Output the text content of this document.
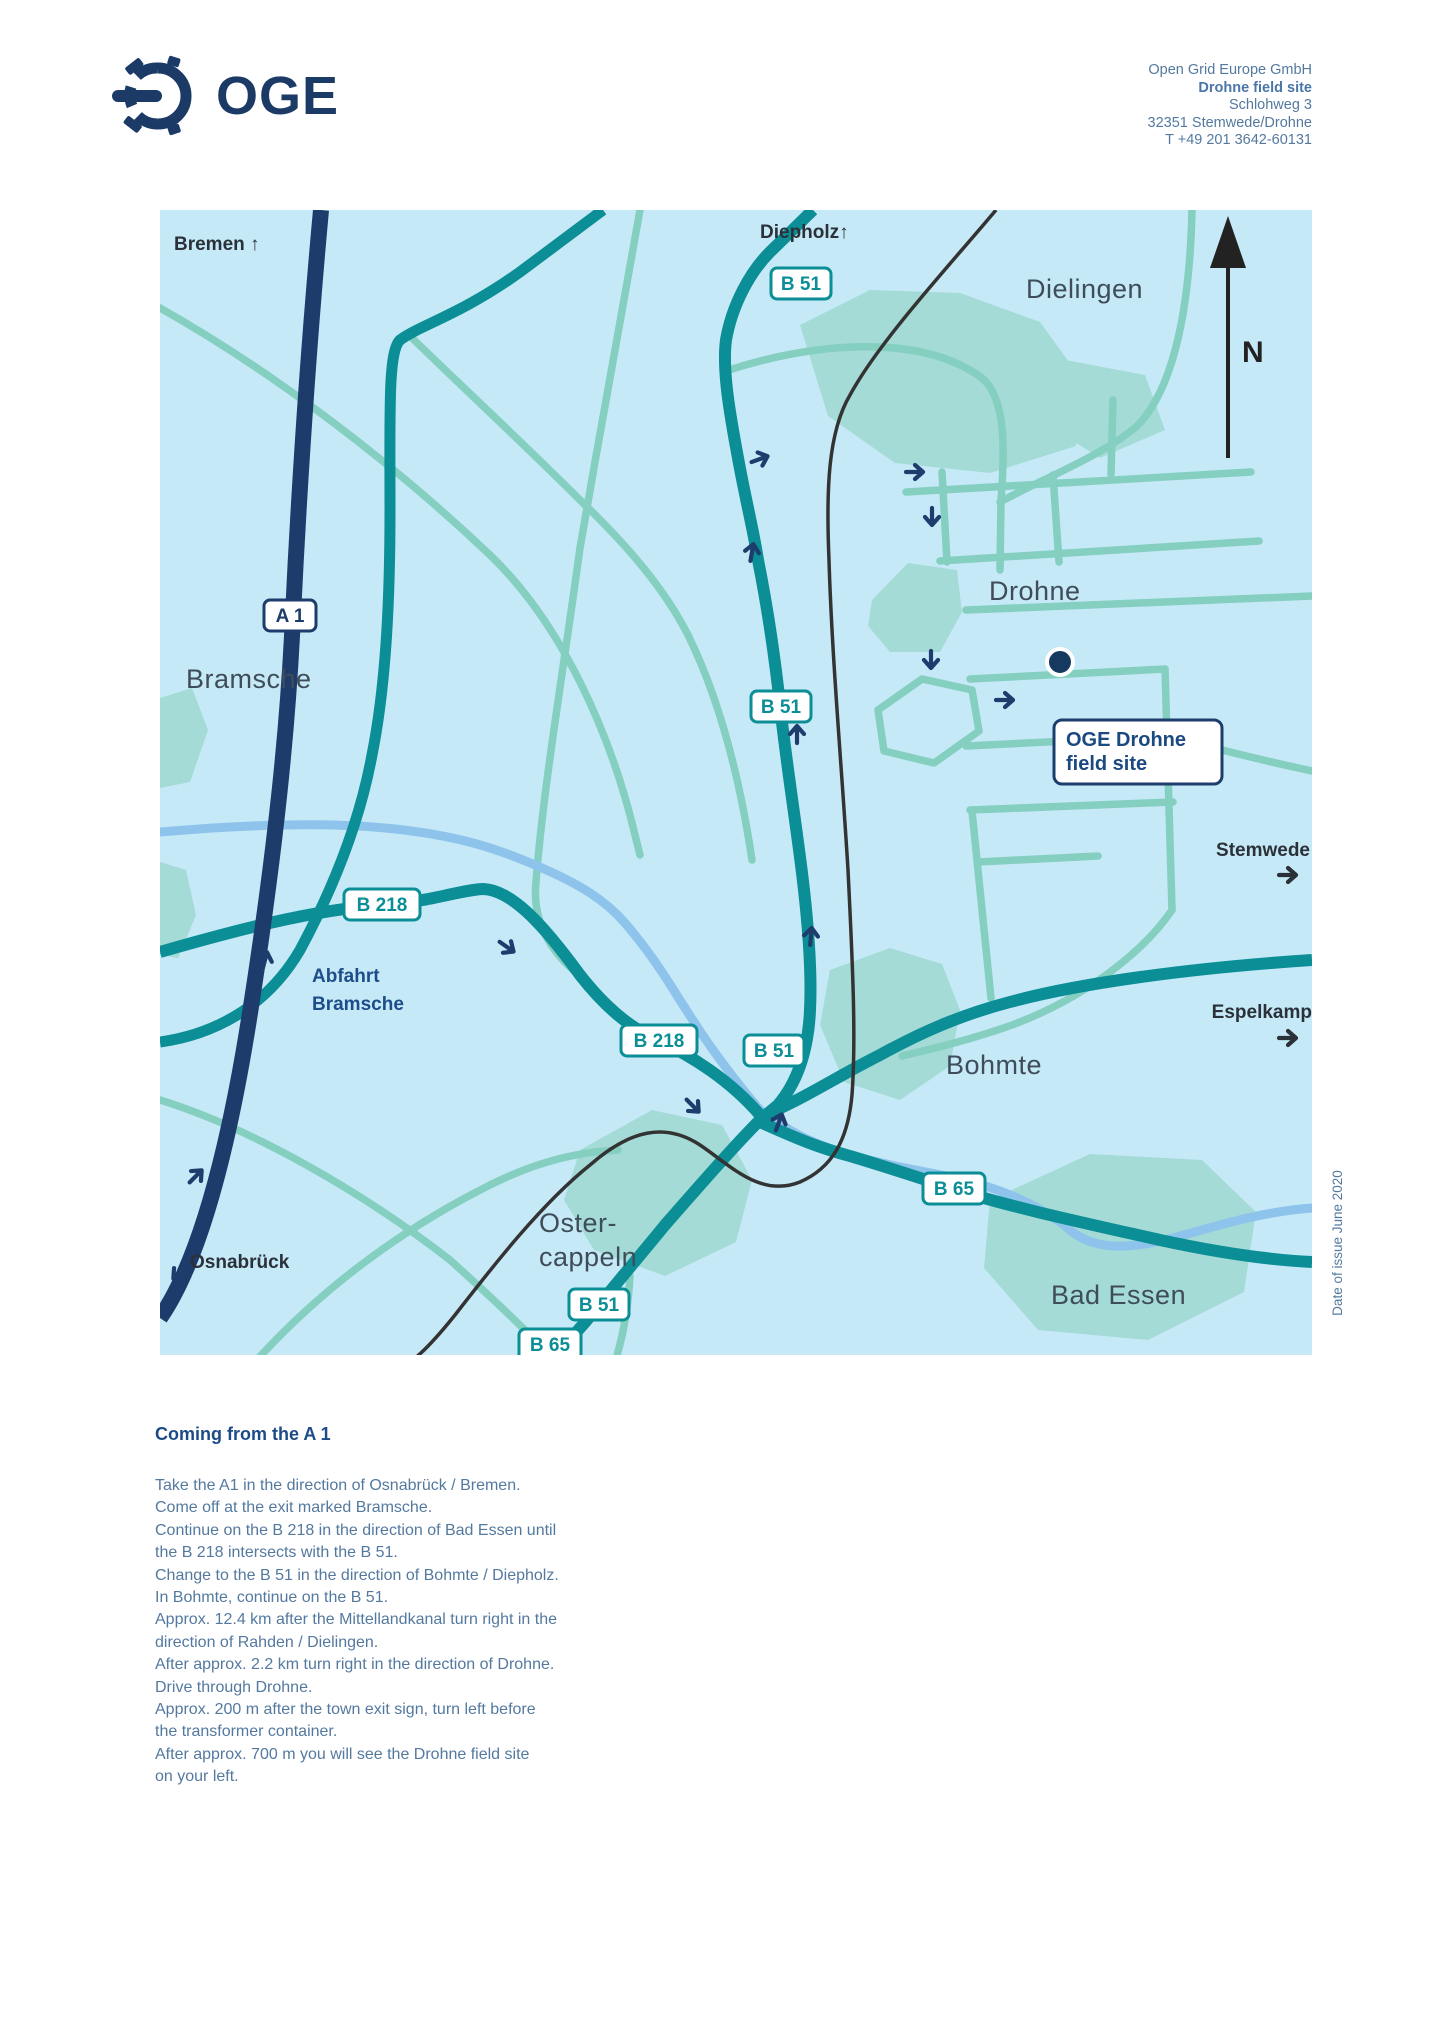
OGE	Open Grid Europe GmbH
Drohne field site
Schlohweg 3
32351 Stemwede/Drohne
T +49 201 3642-60131
A 1
B 51
B 51
B 51
B 218
B 218
B 65
B 51
B 65
OGE Drohne
field site
Bremen ↑
Diepholz↑
Dielingen
Drohne
Bramsche
Abfahrt
Bramsche
Stemwede
Espelkamp
Bohmte
Oster-
cappeln
Bad Essen
Osnabrück
N
Date of issue June 2020
Coming from the A 1
Take the A1 in the direction of Osnabrück / Bremen.
Come off at the exit marked Bramsche.
Continue on the B 218 in the direction of Bad Essen until
the B 218 intersects with the B 51.
Change to the B 51 in the direction of Bohmte / Diepholz.
In Bohmte, continue on the B 51.
Approx. 12.4 km after the Mittellandkanal turn right in the
direction of Rahden / Dielingen.
After approx. 2.2 km turn right in the direction of Drohne.
Drive through Drohne.
Approx. 200 m after the town exit sign, turn left before
the transformer container.
After approx. 700 m you will see the Drohne field site
on your left.
